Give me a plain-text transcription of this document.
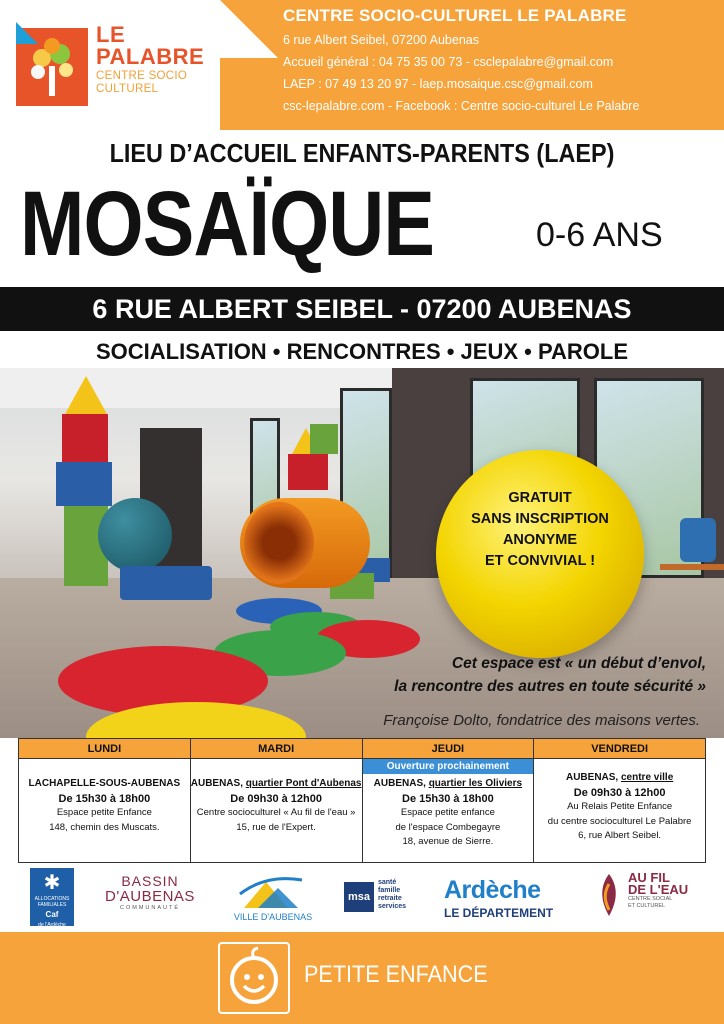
LE
PALABRE
CENTRE SOCIO
CULTUREL
CENTRE SOCIO-CULTUREL LE PALABRE
6 rue Albert Seibel, 07200 Aubenas
Accueil général : 04 75 35 00 73 - csclepalabre@gmail.com
LAEP : 07 49 13 20 97 - laep.mosaique.csc@gmail.com
csc-lepalabre.com - Facebook : Centre socio-culturel Le Palabre
LIEU D’ACCUEIL ENFANTS-PARENTS (LAEP)
MOSAÏQUE	0-6 ANS
6 RUE ALBERT SEIBEL - 07200 AUBENAS
SOCIALISATION • RENCONTRES • JEUX • PAROLE
GRATUIT
SANS INSCRIPTION
ANONYME
ET CONVIVIAL !
Cet espace est « un début d’envol,
la rencontre des autres en toute sécurité »
Françoise Dolto, fondatrice des maisons vertes.
LUNDI
LACHAPELLE-SOUS-AUBENAS
De 15h30 à 18h00
Espace petite Enfance
148, chemin des Muscats.
MARDI
AUBENAS, quartier Pont d'Aubenas
De 09h30 à 12h00
Centre socioculturel « Au fil de l'eau »
15, rue de l'Expert.
JEUDI
Ouverture prochainement
AUBENAS, quartier les Oliviers
De 15h30 à 18h00
Espace petite enfance
de l'espace Combegayre
18, avenue de Sierre.
VENDREDI
AUBENAS, centre ville
De 09h30 à 12h00
Au Relais Petite Enfance
du centre socioculturel Le Palabre
6, rue Albert Seibel.
✱
ALLOCATIONS FAMILIALES
Caf
de l'Ardèche
BASSIN
D'AUBENAS
COMMUNAUTÉ
VILLE D'AUBENAS
msa
santé
famille
retraite
services
Ardèche
LE DÉPARTEMENT
AU FIL
DE L'EAU
CENTRE SOCIAL
ET CULTUREL
PETITE ENFANCE
